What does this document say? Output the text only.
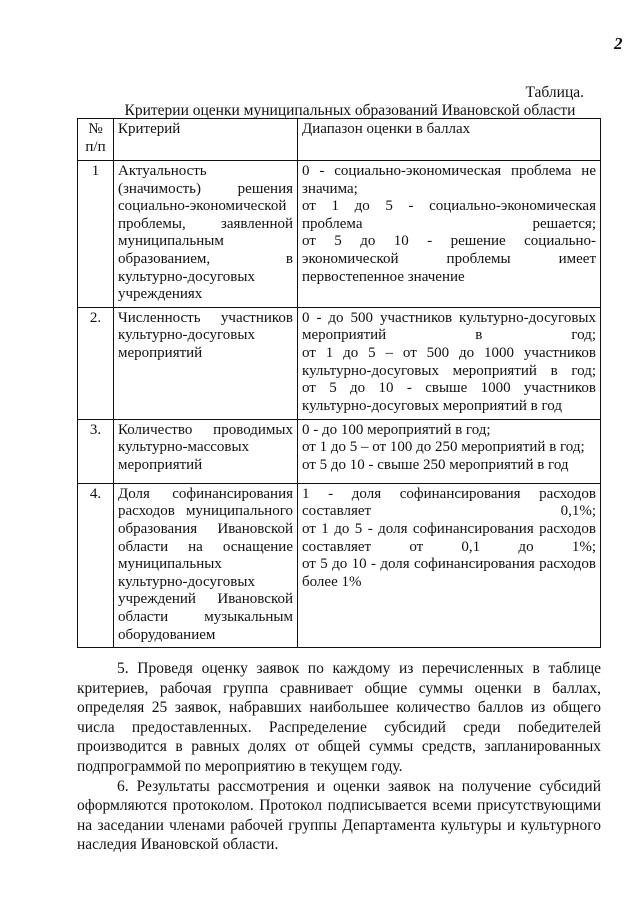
2
Таблица.
Критерии оценки муниципальных образований Ивановской области
№ п/п	Критерий	Диапазон оценки в баллах
1	Актуальность (значимость) решения социально-экономической проблемы, заявленной муниципальным образованием, в культурно-досуговых учреждениях	0 - социально-экономическая проблема не значима;
от 1 до 5 - социально-экономическая проблема решается;
от 5 до 10 - решение социально-экономической проблемы имеет первостепенное значение

2.	Численность участников культурно-досуговых мероприятий	0 - до 500 участников культурно-досуговых мероприятий в год;
от 1 до 5 – от 500 до 1000 участников культурно-досуговых мероприятий в год;
от 5 до 10 - свыше 1000 участников культурно-досуговых мероприятий в год

3.	Количество проводимых культурно-массовых мероприятий	0 - до 100 мероприятий в год;
от 1 до 5 – от 100 до 250 мероприятий в год;
от 5 до 10 - свыше 250 мероприятий в год

4.	Доля софинансирования расходов муниципального образования Ивановской области на оснащение муниципальных культурно-досуговых учреждений Ивановской области музыкальным оборудованием	1 - доля софинансирования расходов составляет 0,1%;
от 1 до 5 - доля софинансирования расходов составляет от 0,1 до 1%;
от 5 до 10 - доля софинансирования расходов более 1%

5. Проведя оценку заявок по каждому из перечисленных в таблице критериев, рабочая группа сравнивает общие суммы оценки в баллах, определяя 25 заявок, набравших наибольшее количество баллов из общего числа предоставленных. Распределение субсидий среди победителей производится в равных долях от общей суммы средств, запланированных подпрограммой по мероприятию в текущем году.

6. Результаты рассмотрения и оценки заявок на получение субсидий оформляются протоколом. Протокол подписывается всеми присутствующими на заседании членами рабочей группы Департамента культуры и культурного наследия Ивановской области.
